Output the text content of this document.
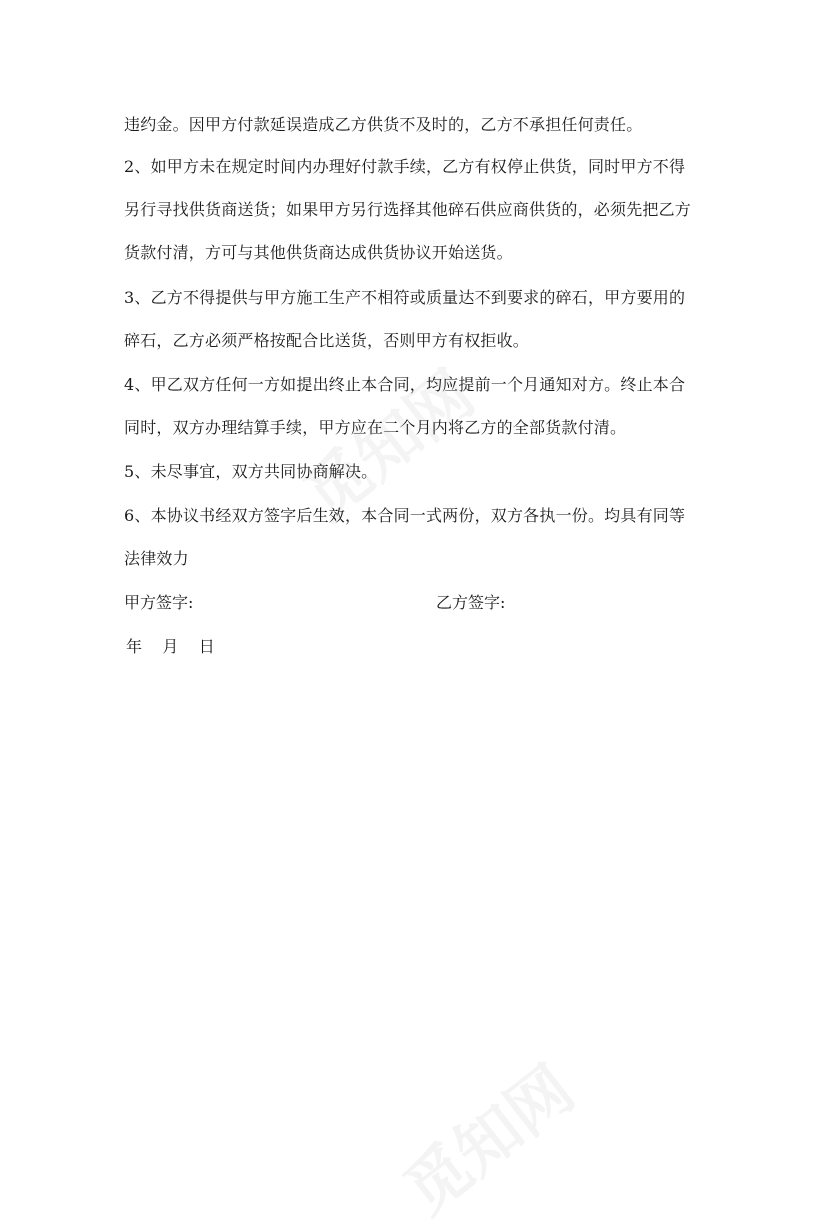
违约金。因甲方付款延误造成乙方供货不及时的，乙方不承担任何责任。
2、如甲方未在规定时间内办理好付款手续，乙方有权停止供货，同时甲方不得
另行寻找供货商送货；如果甲方另行选择其他碎石供应商供货的，必须先把乙方
货款付清，方可与其他供货商达成供货协议开始送货。
3、乙方不得提供与甲方施工生产不相符或质量达不到要求的碎石，甲方要用的
碎石，乙方必须严格按配合比送货，否则甲方有权拒收。
4、甲乙双方任何一方如提出终止本合同，均应提前一个月通知对方。终止本合
同时，双方办理结算手续，甲方应在二个月内将乙方的全部货款付清。
5、未尽事宜，双方共同协商解决。
6、本协议书经双方签字后生效，本合同一式两份，双方各执一份。均具有同等
法律效力
甲方签字:	乙方签字:
年    月    日
